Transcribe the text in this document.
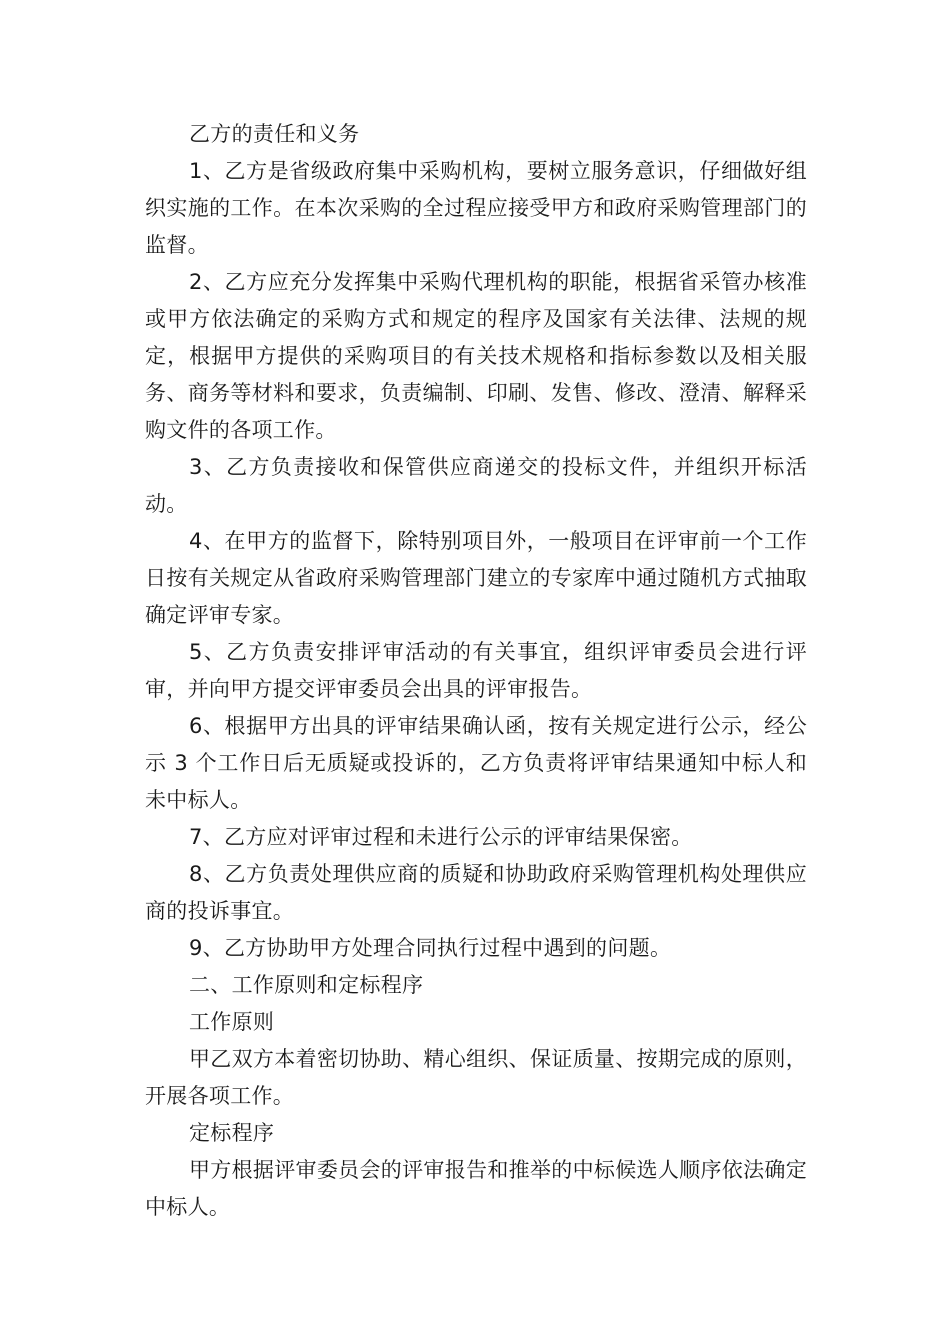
乙方的责任和义务

1、乙方是省级政府集中采购机构，要树立服务意识，仔细做好组织实施的工作。在本次采购的全过程应接受甲方和政府采购管理部门的监督。

2、乙方应充分发挥集中采购代理机构的职能，根据省采管办核准或甲方依法确定的采购方式和规定的程序及国家有关法律、法规的规定，根据甲方提供的采购项目的有关技术规格和指标参数以及相关服务、商务等材料和要求，负责编制、印刷、发售、修改、澄清、解释采购文件的各项工作。

3、乙方负责接收和保管供应商递交的投标文件，并组织开标活动。

4、在甲方的监督下，除特别项目外，一般项目在评审前一个工作日按有关规定从省政府采购管理部门建立的专家库中通过随机方式抽取确定评审专家。

5、乙方负责安排评审活动的有关事宜，组织评审委员会进行评审，并向甲方提交评审委员会出具的评审报告。

6、根据甲方出具的评审结果确认函，按有关规定进行公示，经公示 3 个工作日后无质疑或投诉的，乙方负责将评审结果通知中标人和未中标人。

7、乙方应对评审过程和未进行公示的评审结果保密。

8、乙方负责处理供应商的质疑和协助政府采购管理机构处理供应商的投诉事宜。

9、乙方协助甲方处理合同执行过程中遇到的问题。

二、工作原则和定标程序

工作原则

甲乙双方本着密切协助、精心组织、保证质量、按期完成的原则，开展各项工作。

定标程序

甲方根据评审委员会的评审报告和推举的中标候选人顺序依法确定中标人。
